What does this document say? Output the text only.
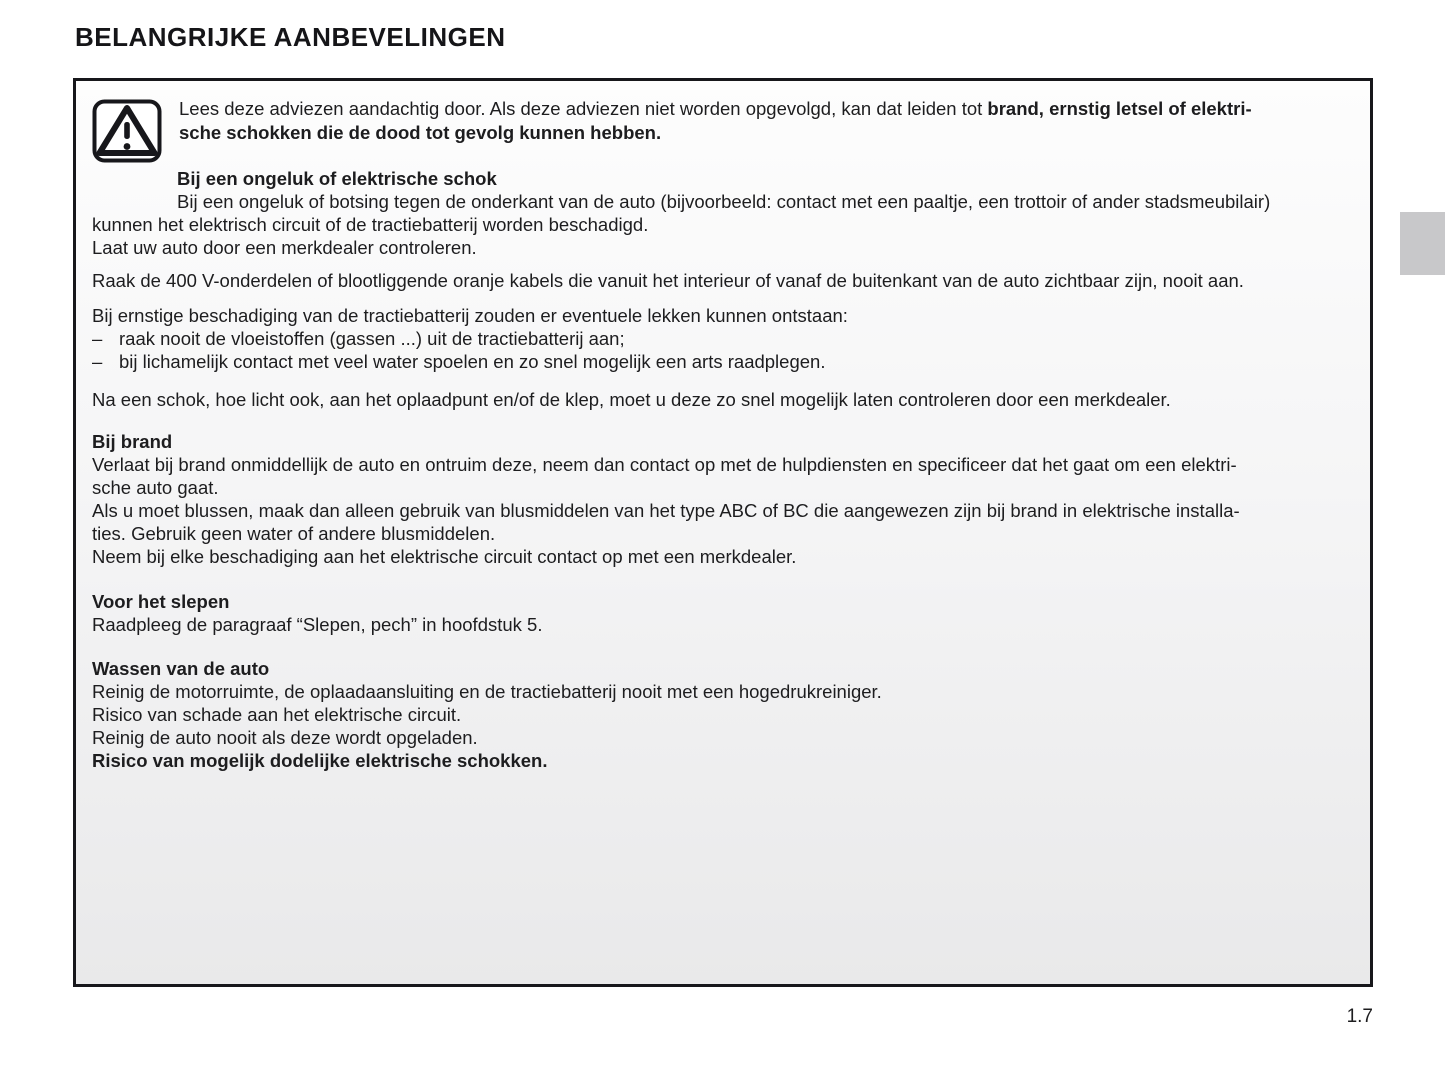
BELANGRIJKE AANBEVELINGEN
Lees deze adviezen aandachtig door. Als deze adviezen niet worden opgevolgd, kan dat leiden tot brand, ernstig letsel of elektri-
sche schokken die de dood tot gevolg kunnen hebben.
Bij een ongeluk of elektrische schok
Bij een ongeluk of botsing tegen de onderkant van de auto (bijvoorbeeld: contact met een paaltje, een trottoir of ander stadsmeubilair)
kunnen het elektrisch circuit of de tractiebatterij worden beschadigd.
Laat uw auto door een merkdealer controleren.
Raak de 400 V-onderdelen of blootliggende oranje kabels die vanuit het interieur of vanaf de buitenkant van de auto zichtbaar zijn, nooit aan.
Bij ernstige beschadiging van de tractiebatterij zouden er eventuele lekken kunnen ontstaan:
– raak nooit de vloeistoffen (gassen ...) uit de tractiebatterij aan;
– bij lichamelijk contact met veel water spoelen en zo snel mogelijk een arts raadplegen.
Na een schok, hoe licht ook, aan het oplaadpunt en/of de klep, moet u deze zo snel mogelijk laten controleren door een merkdealer.
Bij brand
Verlaat bij brand onmiddellijk de auto en ontruim deze, neem dan contact op met de hulpdiensten en specificeer dat het gaat om een elektri-
sche auto gaat.
Als u moet blussen, maak dan alleen gebruik van blusmiddelen van het type ABC of BC die aangewezen zijn bij brand in elektrische installa-
ties. Gebruik geen water of andere blusmiddelen.
Neem bij elke beschadiging aan het elektrische circuit contact op met een merkdealer.
Voor het slepen
Raadpleeg de paragraaf “Slepen, pech” in hoofdstuk 5.
Wassen van de auto
Reinig de motorruimte, de oplaadaansluiting en de tractiebatterij nooit met een hogedrukreiniger.
Risico van schade aan het elektrische circuit.
Reinig de auto nooit als deze wordt opgeladen.
Risico van mogelijk dodelijke elektrische schokken.
1.7
